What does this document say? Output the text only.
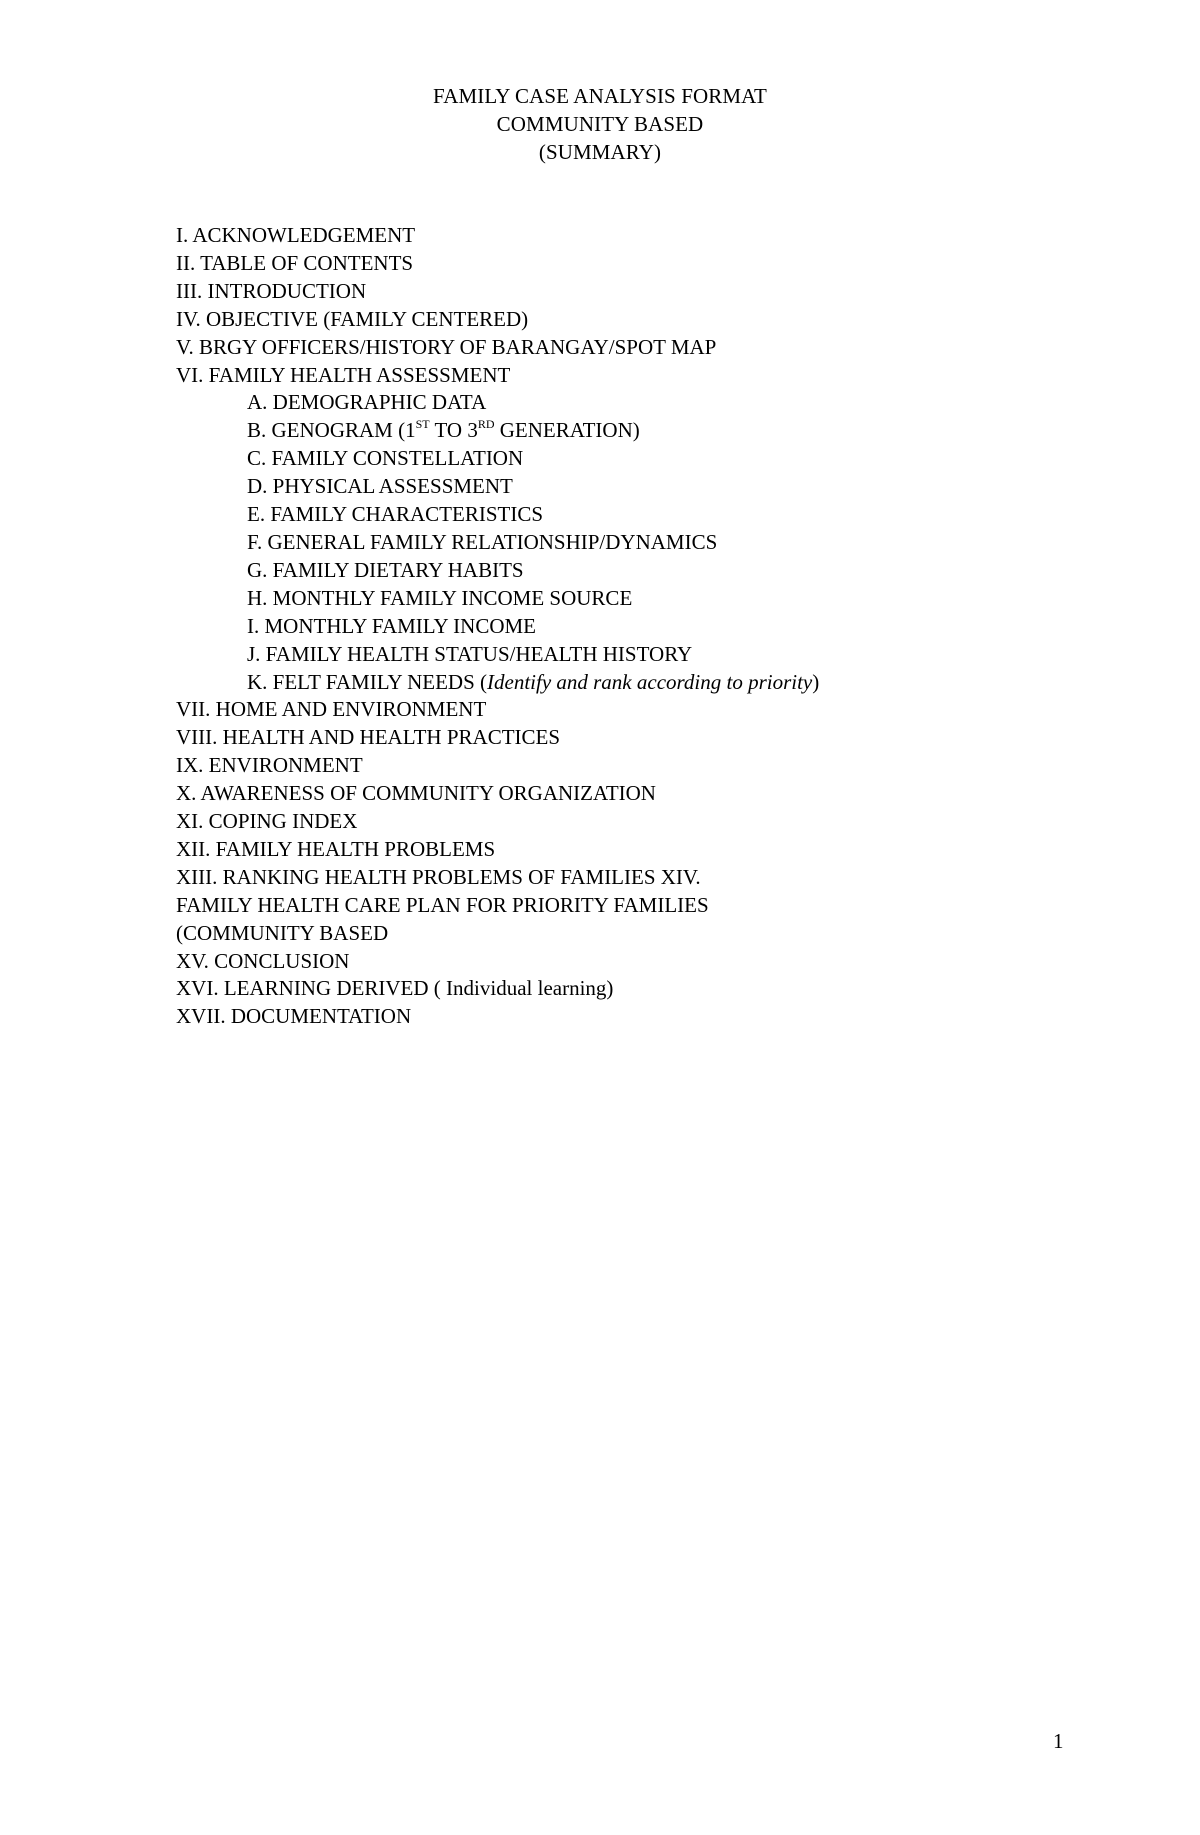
FAMILY CASE ANALYSIS FORMAT
COMMUNITY BASED
(SUMMARY)
I. ACKNOWLEDGEMENT
II. TABLE OF CONTENTS
III. INTRODUCTION
IV. OBJECTIVE (FAMILY CENTERED)
V. BRGY OFFICERS/HISTORY OF BARANGAY/SPOT MAP
VI. FAMILY HEALTH ASSESSMENT
A. DEMOGRAPHIC DATA
B. GENOGRAM (1ST TO 3RD GENERATION)
C. FAMILY CONSTELLATION
D. PHYSICAL ASSESSMENT
E. FAMILY CHARACTERISTICS
F. GENERAL FAMILY RELATIONSHIP/DYNAMICS
G. FAMILY DIETARY HABITS
H. MONTHLY FAMILY INCOME SOURCE
I. MONTHLY FAMILY INCOME
J. FAMILY HEALTH STATUS/HEALTH HISTORY
K. FELT FAMILY NEEDS (Identify and rank according to priority)
VII. HOME AND ENVIRONMENT
VIII. HEALTH AND HEALTH PRACTICES
IX. ENVIRONMENT
X. AWARENESS OF COMMUNITY ORGANIZATION
XI. COPING INDEX
XII. FAMILY HEALTH PROBLEMS
XIII. RANKING HEALTH PROBLEMS OF FAMILIES XIV.
FAMILY HEALTH CARE PLAN FOR PRIORITY FAMILIES
(COMMUNITY BASED
XV. CONCLUSION
XVI. LEARNING DERIVED ( Individual learning)
XVII. DOCUMENTATION
1
